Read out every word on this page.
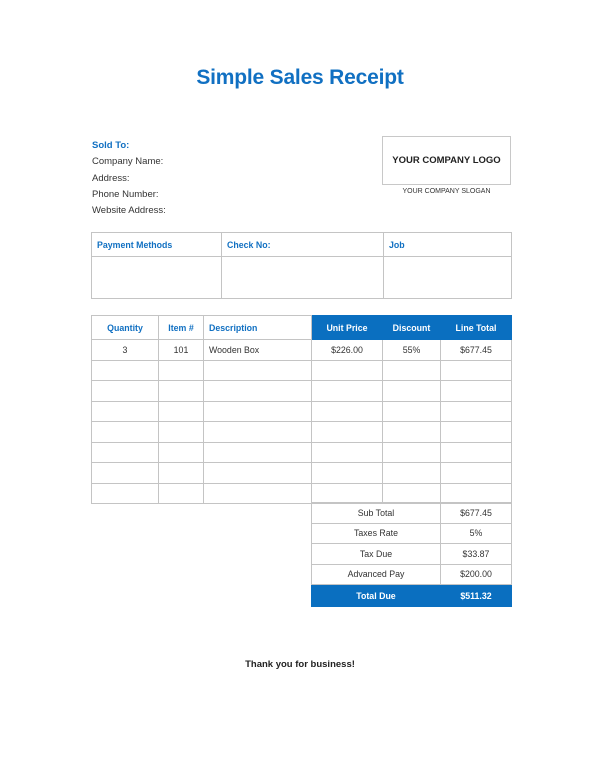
Simple Sales Receipt
Sold To:
Company Name:
Address:
Phone Number:
Website Address:
YOUR COMPANY LOGO
YOUR COMPANY SLOGAN
Payment Methods	Check No:	Job

Quantity	Item #	Description	Unit Price	Discount	Line Total
3	101	Wooden Box	$226.00	55%	$677.45

Sub Total	$677.45
Taxes Rate	5%
Tax Due	$33.87
Advanced Pay	$200.00
Total Due	$511.32
Thank you for business!
